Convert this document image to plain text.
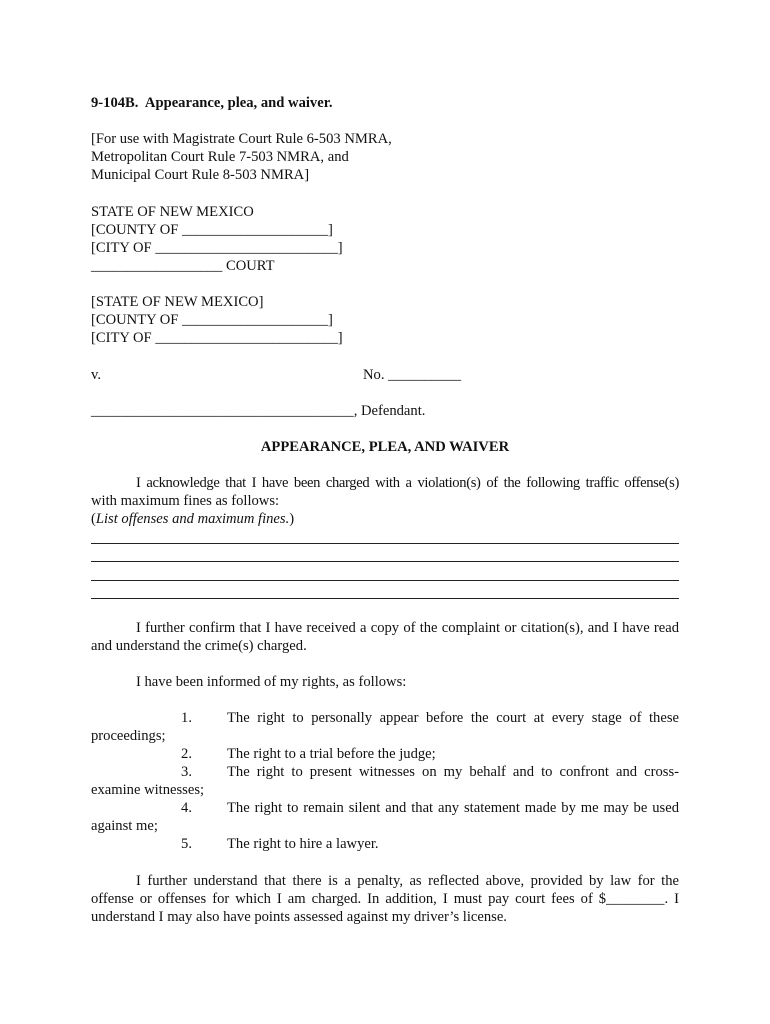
9-104B.  Appearance, plea, and waiver.
[For use with Magistrate Court Rule 6-503 NMRA,
Metropolitan Court Rule 7-503 NMRA, and
Municipal Court Rule 8-503 NMRA]
STATE OF NEW MEXICO
[COUNTY OF ____________________]
[CITY OF _________________________]
__________________ COURT
[STATE OF NEW MEXICO]
[COUNTY OF ____________________]
[CITY OF _________________________]
v.	No. __________
____________________________________, Defendant.
APPEARANCE, PLEA, AND WAIVER
I acknowledge that I have been charged with a violation(s) of the following traffic offense(s)
with maximum fines as follows:
(List offenses and maximum fines.)
I further confirm that I have received a copy of the complaint or citation(s), and I have read
and understand the crime(s) charged.
I have been informed of my rights, as follows:
1. The right to personally appear before the court at every stage of these
proceedings;
2. The right to a trial before the judge;
3. The right to present witnesses on my behalf and to confront and cross-
examine witnesses;
4. The right to remain silent and that any statement made by me may be used
against me;
5. The right to hire a lawyer.
I further understand that there is a penalty, as reflected above, provided by law for the
offense or offenses for which I am charged. In addition, I must pay court fees of $________. I
understand I may also have points assessed against my driver’s license.
